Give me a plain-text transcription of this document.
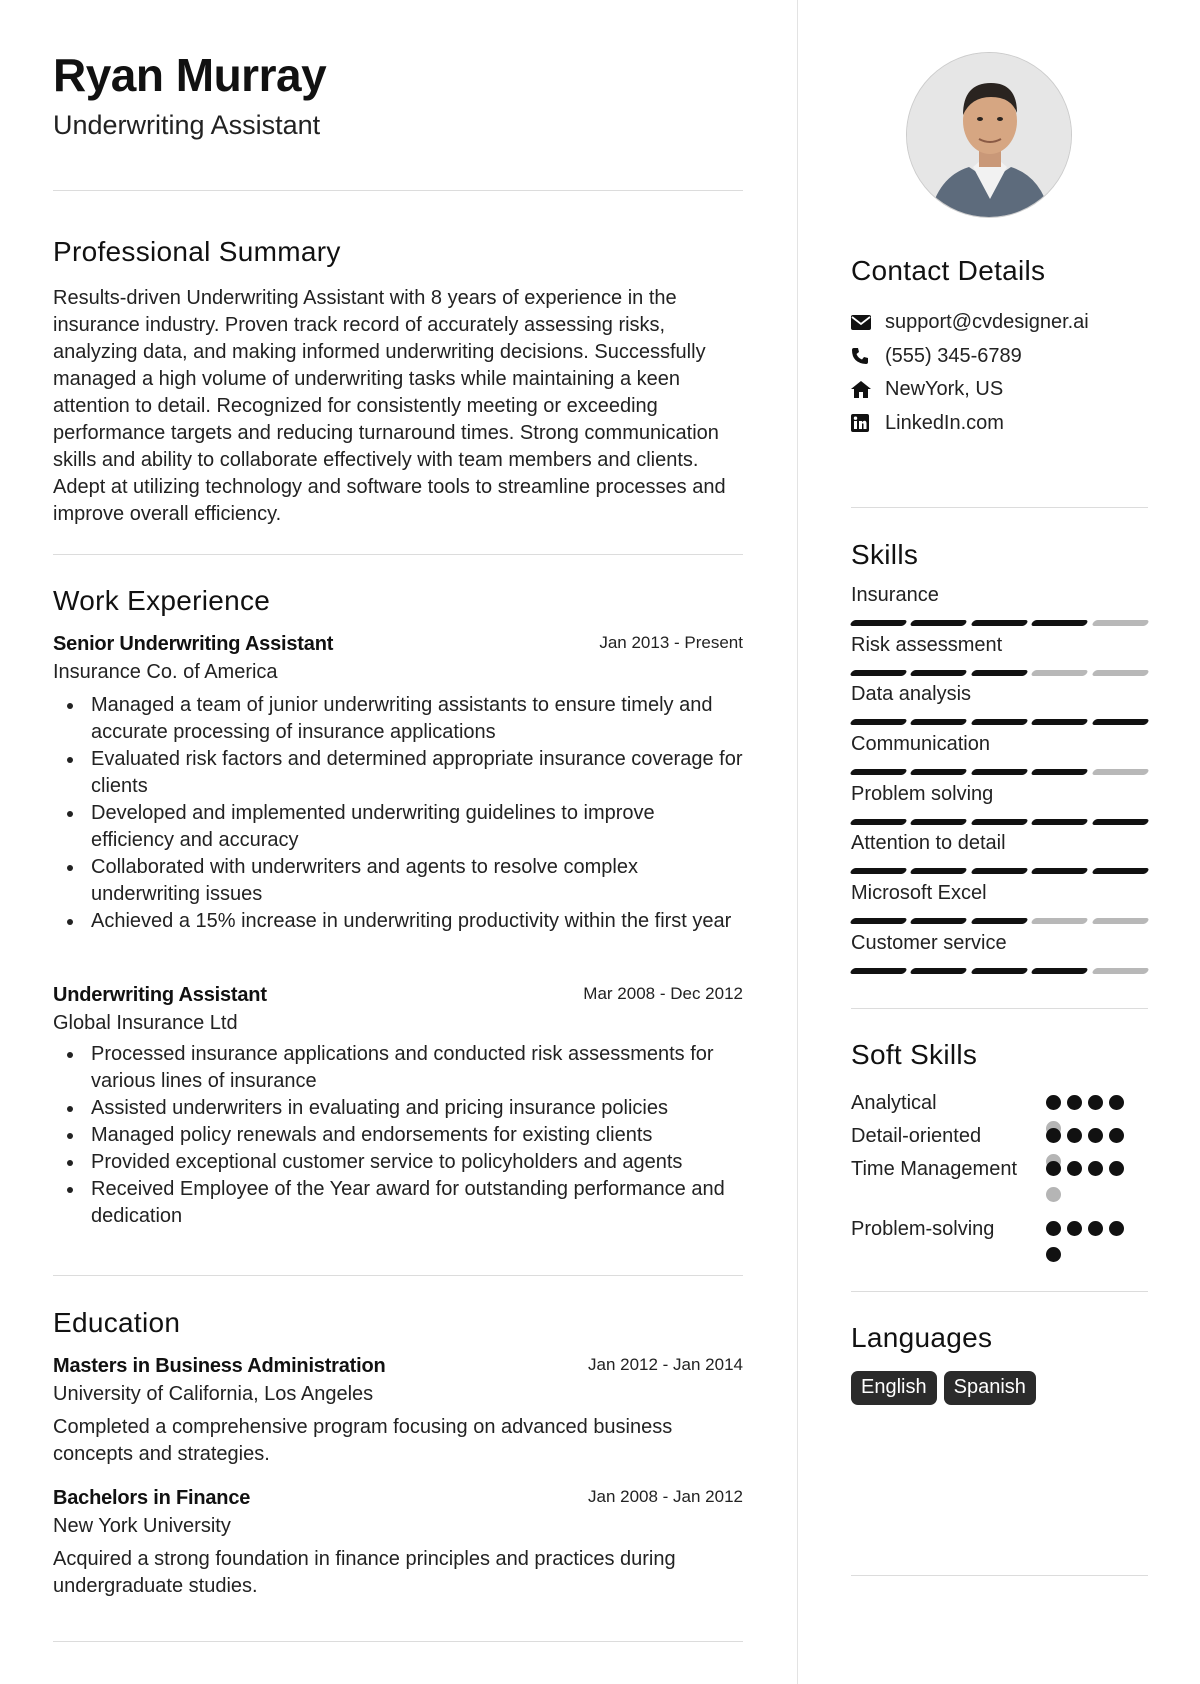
Ryan Murray
Underwriting Assistant
Professional Summary
Results-driven Underwriting Assistant with 8 years of experience in the insurance industry. Proven track record of accurately assessing risks, analyzing data, and making informed underwriting decisions. Successfully managed a high volume of underwriting tasks while maintaining a keen attention to detail. Recognized for consistently meeting or exceeding performance targets and reducing turnaround times. Strong communication skills and ability to collaborate effectively with team members and clients. Adept at utilizing technology and software tools to streamline processes and improve overall efficiency.
Work Experience
Senior Underwriting Assistant	Jan 2013 - Present
Insurance Co. of America
Managed a team of junior underwriting assistants to ensure timely and accurate processing of insurance applications
Evaluated risk factors and determined appropriate insurance coverage for clients
Developed and implemented underwriting guidelines to improve efficiency and accuracy
Collaborated with underwriters and agents to resolve complex underwriting issues
Achieved a 15% increase in underwriting productivity within the first year
Underwriting Assistant	Mar 2008 - Dec 2012
Global Insurance Ltd
Processed insurance applications and conducted risk assessments for various lines of insurance
Assisted underwriters in evaluating and pricing insurance policies
Managed policy renewals and endorsements for existing clients
Provided exceptional customer service to policyholders and agents
Received Employee of the Year award for outstanding performance and dedication
Education
Masters in Business Administration	Jan 2012 - Jan 2014
University of California, Los Angeles
Completed a comprehensive program focusing on advanced business concepts and strategies.
Bachelors in Finance	Jan 2008 - Jan 2012
New York University
Acquired a strong foundation in finance principles and practices during undergraduate studies.
Contact Details
support@cvdesigner.ai
(555) 345-6789
NewYork, US
LinkedIn.com
Skills
Insurance
Risk assessment
Data analysis
Communication
Problem solving
Attention to detail
Microsoft Excel
Customer service
Soft Skills
Analytical
Detail-oriented
Time Management
Problem-solving
Languages
English	Spanish
